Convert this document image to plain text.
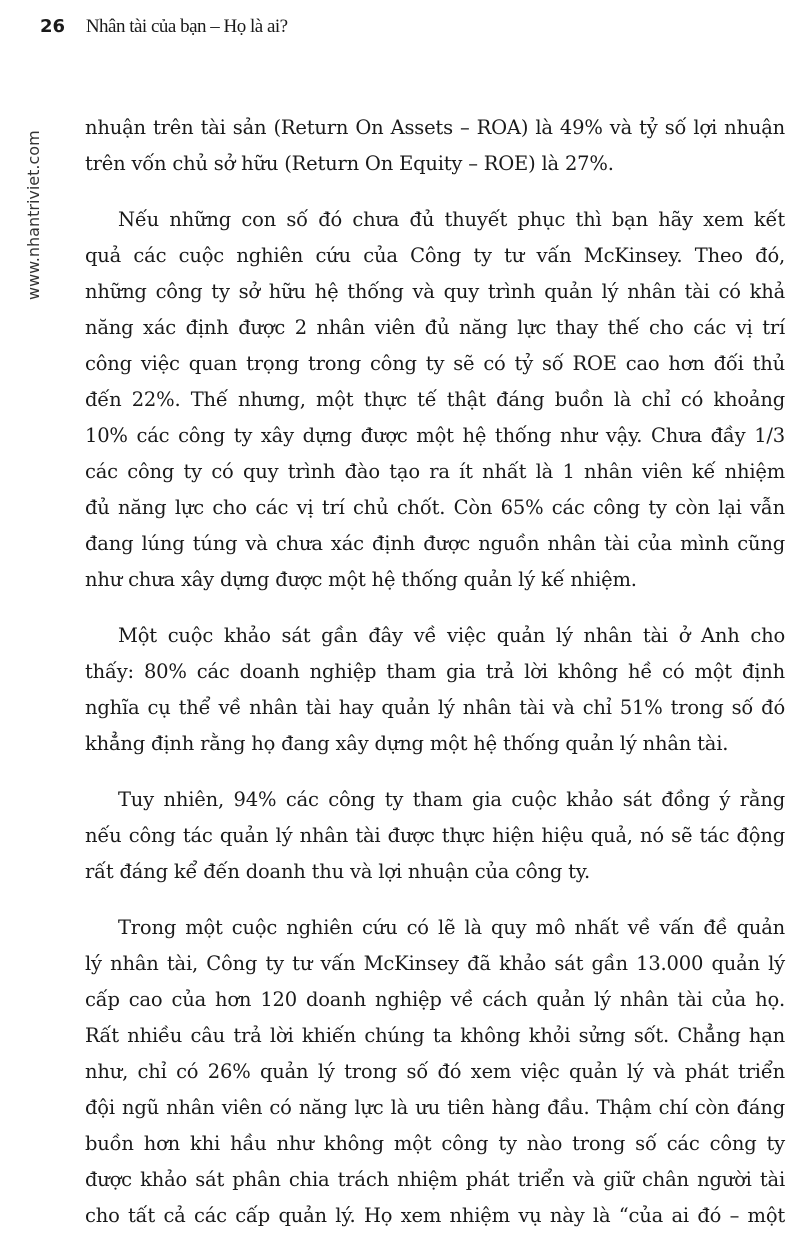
26 Nhân tài của bạn – Họ là ai?
www.nhantriviet.com
nhuận trên tài sản (Return On Assets – ROA) là 49% và tỷ số lợi nhuận
trên vốn chủ sở hữu (Return On Equity – ROE) là 27%.
Nếu những con số đó chưa đủ thuyết phục thì bạn hãy xem kết
quả các cuộc nghiên cứu của Công ty tư vấn McKinsey. Theo đó,
những công ty sở hữu hệ thống và quy trình quản lý nhân tài có khả
năng xác định được 2 nhân viên đủ năng lực thay thế cho các vị trí
công việc quan trọng trong công ty sẽ có tỷ số ROE cao hơn đối thủ
đến 22%. Thế nhưng, một thực tế thật đáng buồn là chỉ có khoảng
10% các công ty xây dựng được một hệ thống như vậy. Chưa đầy 1/3
các công ty có quy trình đào tạo ra ít nhất là 1 nhân viên kế nhiệm
đủ năng lực cho các vị trí chủ chốt. Còn 65% các công ty còn lại vẫn
đang lúng túng và chưa xác định được nguồn nhân tài của mình cũng
như chưa xây dựng được một hệ thống quản lý kế nhiệm.
Một cuộc khảo sát gần đây về việc quản lý nhân tài ở Anh cho
thấy: 80% các doanh nghiệp tham gia trả lời không hề có một định
nghĩa cụ thể về nhân tài hay quản lý nhân tài và chỉ 51% trong số đó
khẳng định rằng họ đang xây dựng một hệ thống quản lý nhân tài.
Tuy nhiên, 94% các công ty tham gia cuộc khảo sát đồng ý rằng
nếu công tác quản lý nhân tài được thực hiện hiệu quả, nó sẽ tác động
rất đáng kể đến doanh thu và lợi nhuận của công ty.
Trong một cuộc nghiên cứu có lẽ là quy mô nhất về vấn đề quản
lý nhân tài, Công ty tư vấn McKinsey đã khảo sát gần 13.000 quản lý
cấp cao của hơn 120 doanh nghiệp về cách quản lý nhân tài của họ.
Rất nhiều câu trả lời khiến chúng ta không khỏi sửng sốt. Chẳng hạn
như, chỉ có 26% quản lý trong số đó xem việc quản lý và phát triển
đội ngũ nhân viên có năng lực là ưu tiên hàng đầu. Thậm chí còn đáng
buồn hơn khi hầu như không một công ty nào trong số các công ty
được khảo sát phân chia trách nhiệm phát triển và giữ chân người tài
cho tất cả các cấp quản lý. Họ xem nhiệm vụ này là “của ai đó – một
